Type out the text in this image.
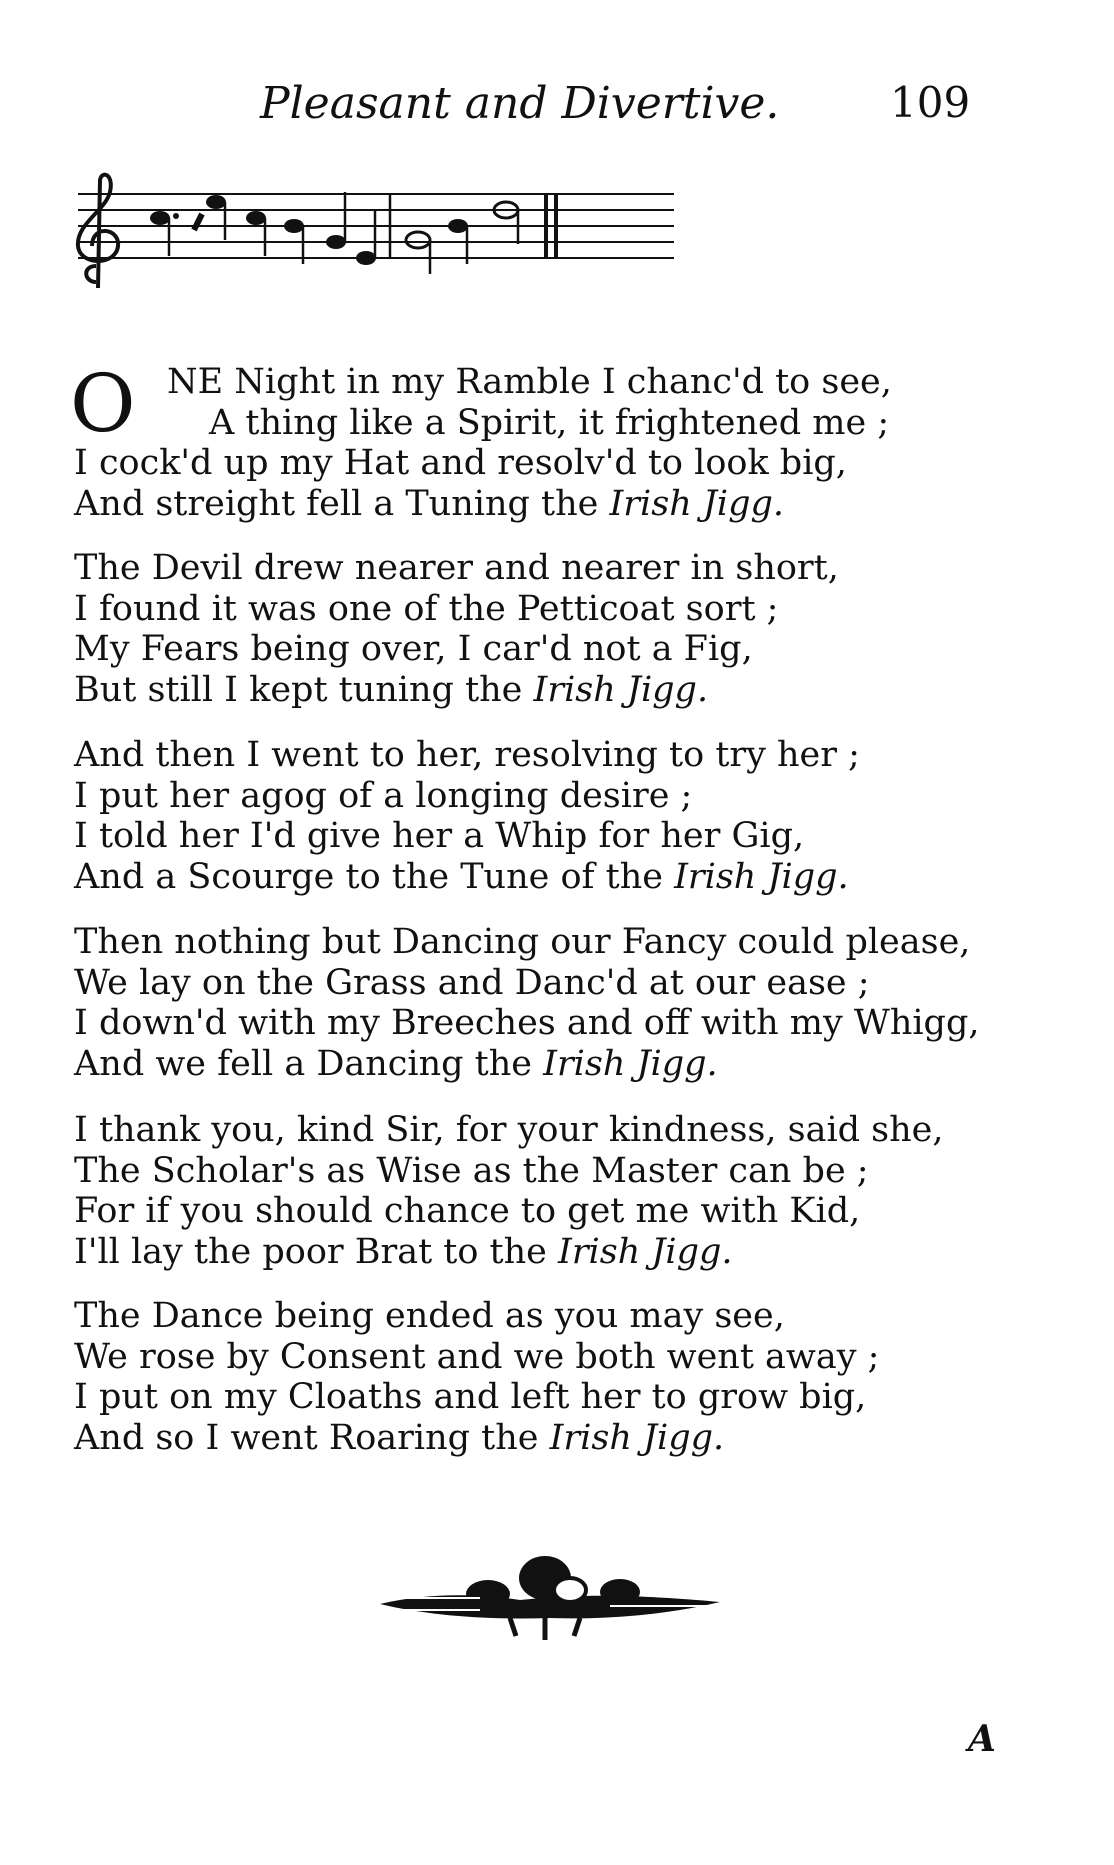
Pleasant and Divertive.	109
O NE Night in my Ramble I chanc'd to see,
A thing like a Spirit, it frightened me ;
I cock'd up my Hat and resolv'd to look big,
And streight fell a Tuning the Irish Jigg.
The Devil drew nearer and nearer in short,
I found it was one of the Petticoat sort ;
My Fears being over, I car'd not a Fig,
But still I kept tuning the Irish Jigg.
And then I went to her, resolving to try her ;
I put her agog of a longing desire ;
I told her I'd give her a Whip for her Gig,
And a Scourge to the Tune of the Irish Jigg.
Then nothing but Dancing our Fancy could please,
We lay on the Grass and Danc'd at our ease ;
I down'd with my Breeches and off with my Whigg,
And we fell a Dancing the Irish Jigg.
I thank you, kind Sir, for your kindness, said she,
The Scholar's as Wise as the Master can be ;
For if you should chance to get me with Kid,
I'll lay the poor Brat to the Irish Jigg.
The Dance being ended as you may see,
We rose by Consent and we both went away ;
I put on my Cloaths and left her to grow big,
And so I went Roaring the Irish Jigg.
A
